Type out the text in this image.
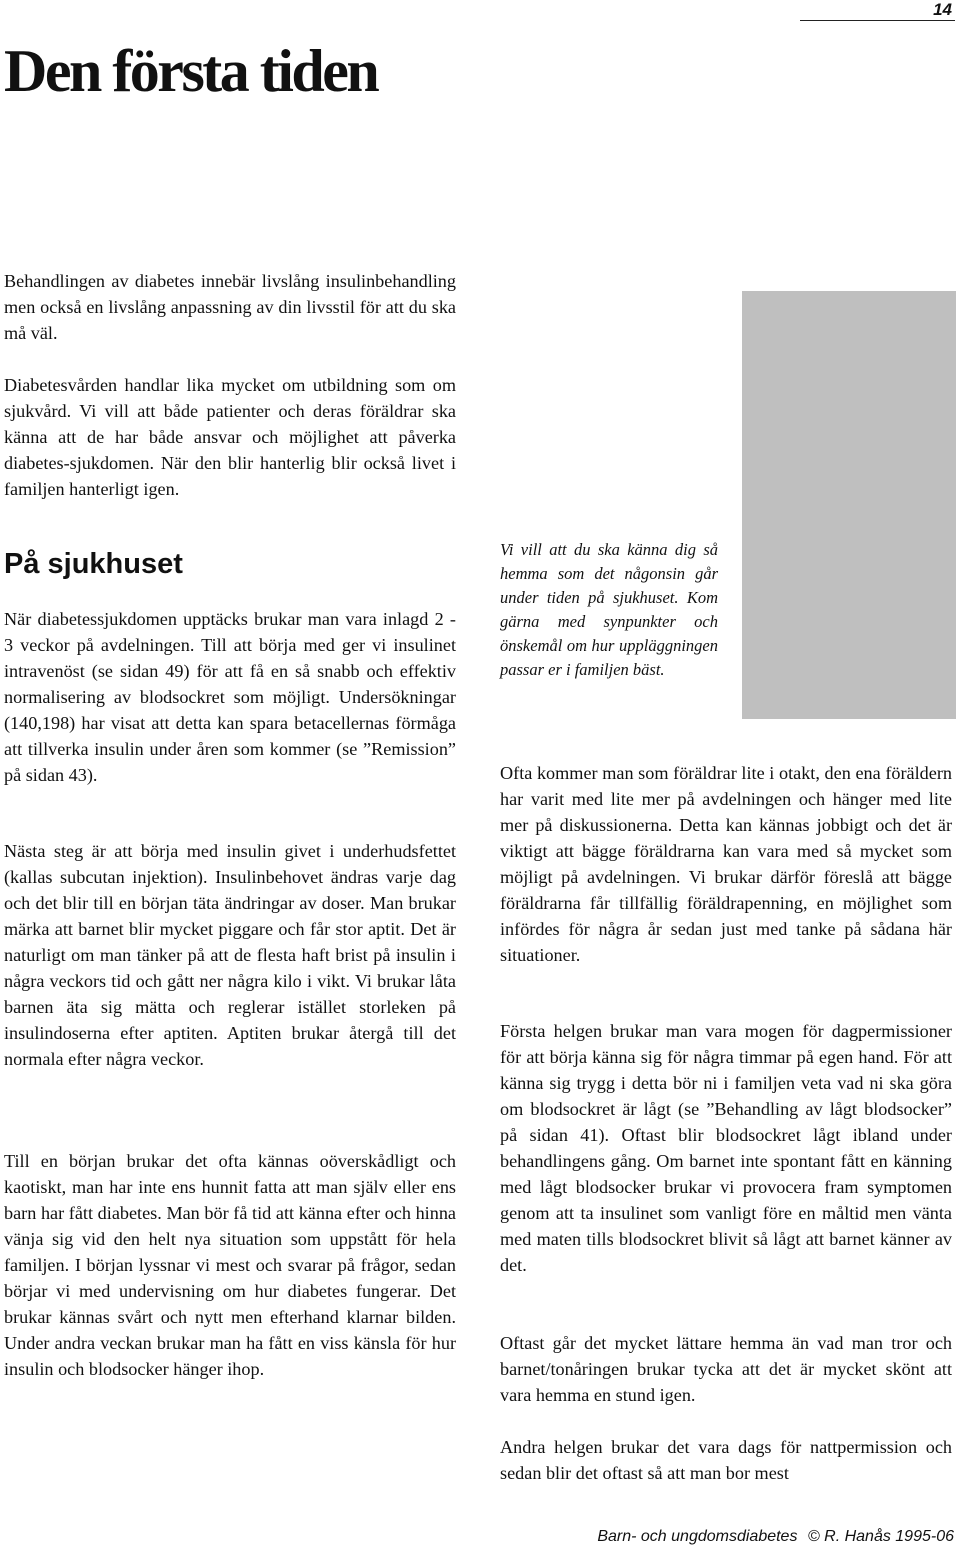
14
Den första tiden

Behandlingen av diabetes innebär livslång insulinbehandling men också en livslång anpassning av din livsstil för att du ska må väl.

Diabetesvården handlar lika mycket om utbildning som om sjukvård. Vi vill att både patienter och deras föräldrar ska känna att de har både ansvar och möjlighet att påverka diabetes-sjukdomen. När den blir hanterlig blir också livet i familjen hanterligt igen.

På sjukhuset

När diabetessjukdomen upptäcks brukar man vara inlagd 2 - 3 veckor på avdelningen. Till att börja med ger vi insulinet intravenöst (se sidan 49) för att få en så snabb och effektiv normalisering av blodsockret som möjligt. Undersökningar (140,198) har visat att detta kan spara betacellernas förmåga att tillverka insulin under åren som kommer (se ”Remission” på sidan 43).

Nästa steg är att börja med insulin givet i underhudsfettet (kallas subcutan injektion). Insulinbehovet ändras varje dag och det blir till en början täta ändringar av doser. Man brukar märka att barnet blir mycket piggare och får stor aptit. Det är naturligt om man tänker på att de flesta haft brist på insulin i några veckors tid och gått ner några kilo i vikt. Vi brukar låta barnen äta sig mätta och reglerar istället storleken på insulindoserna efter aptiten. Aptiten brukar återgå till det normala efter några veckor.

Till en början brukar det ofta kännas oöverskådligt och kaotiskt, man har inte ens hunnit fatta att man själv eller ens barn har fått diabetes. Man bör få tid att känna efter och hinna vänja sig vid den helt nya situation som uppstått för hela familjen. I början lyssnar vi mest och svarar på frågor, sedan börjar vi med undervisning om hur diabetes fungerar. Det brukar kännas svårt och nytt men efterhand klarnar bilden. Under andra veckan brukar man ha fått en viss känsla för hur insulin och blodsocker hänger ihop.

Vi vill att du ska känna dig så hemma som det någonsin går under tiden på sjukhuset. Kom gärna med synpunkter och önskemål om hur uppläggningen passar er i familjen bäst.

Ofta kommer man som föräldrar lite i otakt, den ena föräldern har varit med lite mer på avdelningen och hänger med lite mer på diskussionerna. Detta kan kännas jobbigt och det är viktigt att bägge föräldrarna kan vara med så mycket som möjligt på avdelningen. Vi brukar därför föreslå att bägge föräldrarna får tillfällig föräldrapenning, en möjlighet som infördes för några år sedan just med tanke på sådana här situationer.

Första helgen brukar man vara mogen för dagpermissioner för att börja känna sig för några timmar på egen hand. För att känna sig trygg i detta bör ni i familjen veta vad ni ska göra om blodsockret är lågt (se ”Behandling av lågt blodsocker” på sidan 41). Oftast blir blodsockret lågt ibland under behandlingens gång. Om barnet inte spontant fått en känning med lågt blodsocker brukar vi provocera fram symptomen genom att ta insulinet som vanligt före en måltid men vänta med maten tills blodsockret blivit så lågt att barnet känner av det.

Oftast går det mycket lättare hemma än vad man tror och barnet/tonåringen brukar tycka att det är mycket skönt att vara hemma en stund igen.

Andra helgen brukar det vara dags för nattpermission och sedan blir det oftast så att man bor mest

Barn- och ungdomsdiabetes © R. Hanås 1995-06
